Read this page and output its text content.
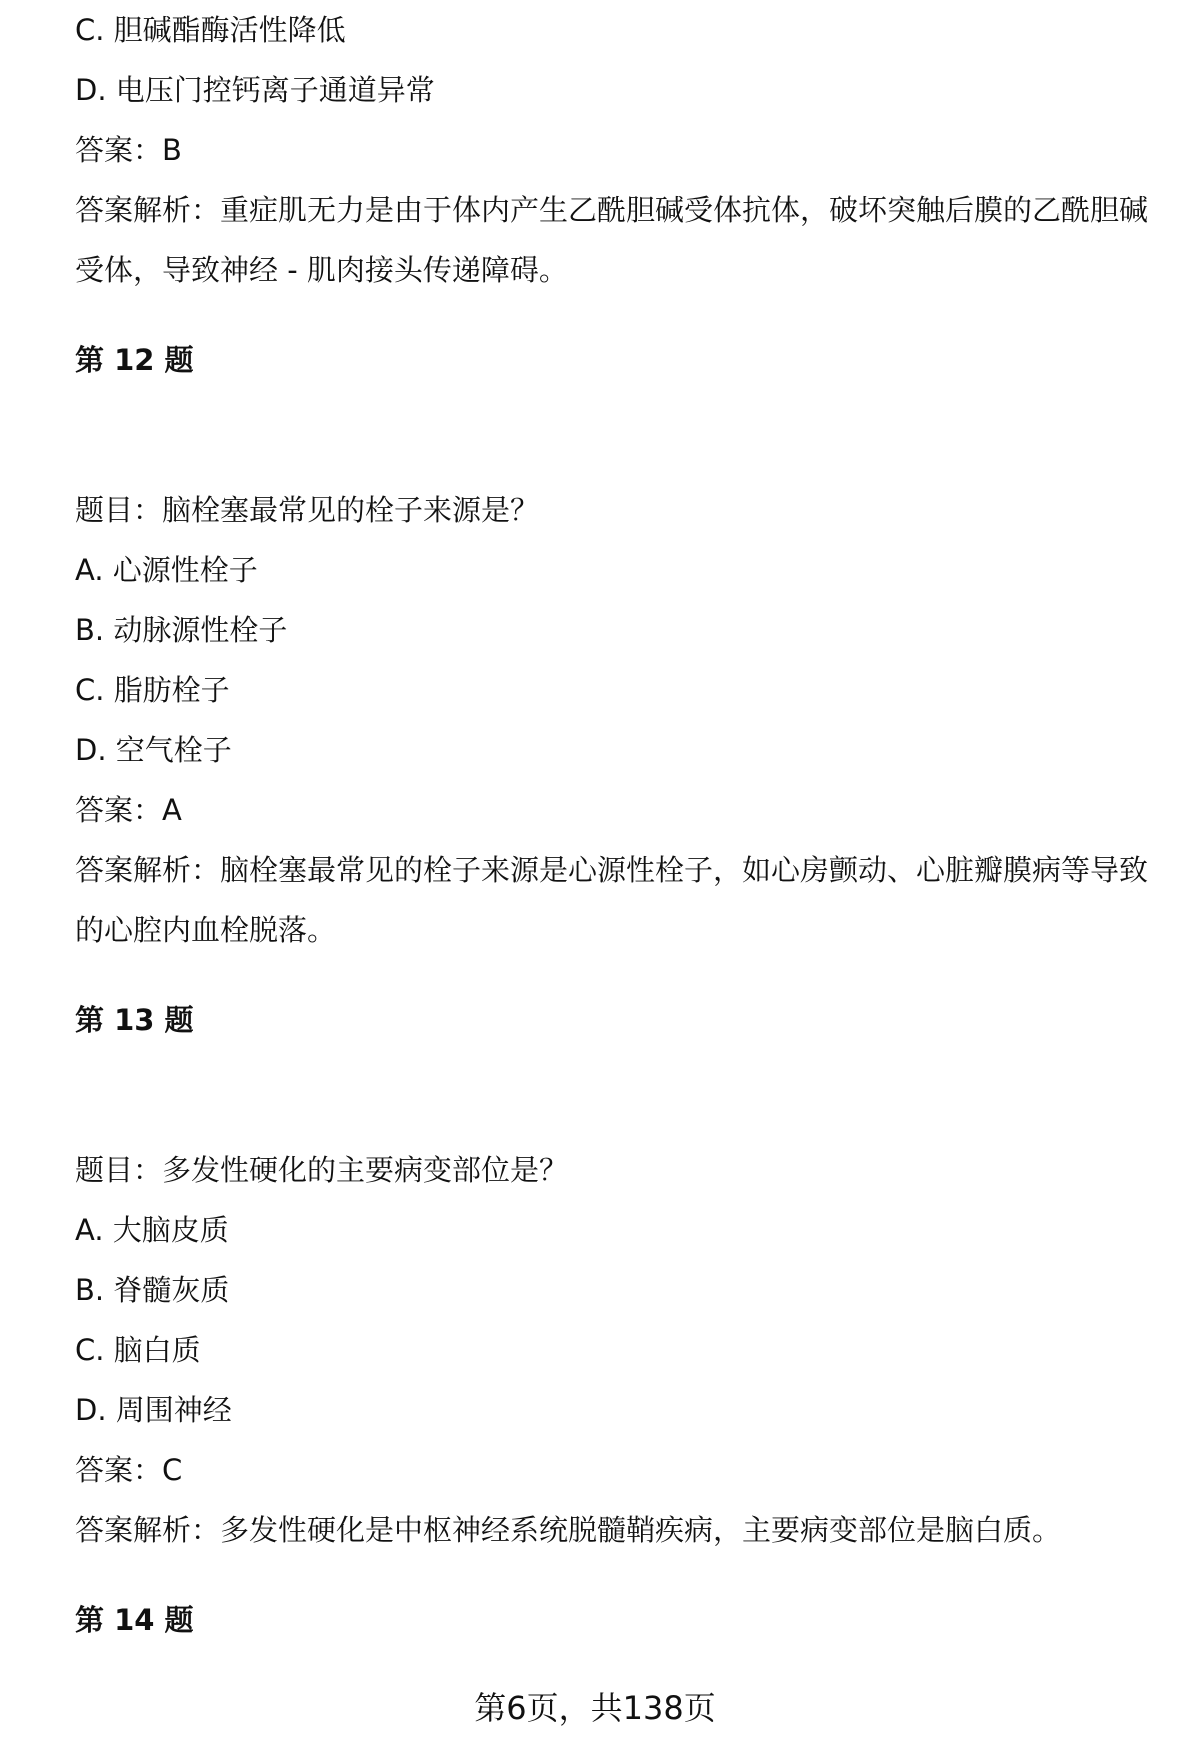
C. 胆碱酯酶活性降低
D. 电压门控钙离子通道异常
答案：B
答案解析：重症肌无力是由于体内产生乙酰胆碱受体抗体，破坏突触后膜的乙酰胆碱受体，导致神经 - 肌肉接头传递障碍。
第 12 题
题目：脑栓塞最常见的栓子来源是？
A. 心源性栓子
B. 动脉源性栓子
C. 脂肪栓子
D. 空气栓子
答案：A
答案解析：脑栓塞最常见的栓子来源是心源性栓子，如心房颤动、心脏瓣膜病等导致的心腔内血栓脱落。
第 13 题
题目：多发性硬化的主要病变部位是？
A. 大脑皮质
B. 脊髓灰质
C. 脑白质
D. 周围神经
答案：C
答案解析：多发性硬化是中枢神经系统脱髓鞘疾病，主要病变部位是脑白质。
第 14 题
第6页，共138页
